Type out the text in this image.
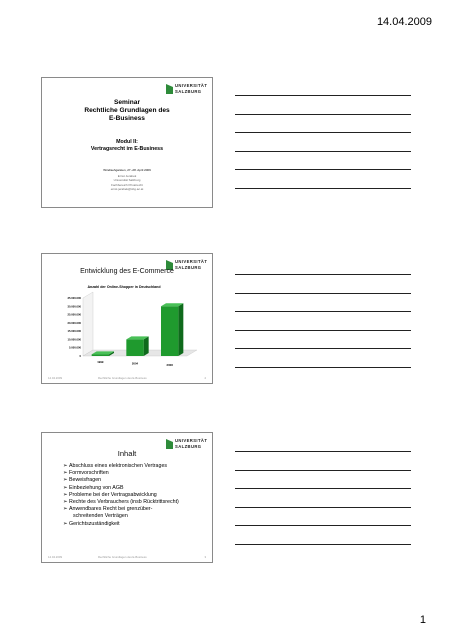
14.04.2009
UNIVERSITÄT
SALZBURG
Seminar
Rechtliche Grundlagen des
E-Business
Modul II:
Vertragsrecht im E-Business
Windisehgarsten, 27.-28. April 2009
Ernst Jerabek
Universität Salzburg
Fachbereich Privatrecht
ernst.jerabek@sbg.ac.at
UNIVERSITÄT
SALZBURG
Entwicklung des E-Commerce
Anzahl der Online-Shopper in Deutschland
0
5.000.000
10.000.000
15.000.000
20.000.000
25.000.000
30.000.000
35.000.000
1999	2004	2008
14.04.2009	Rechtliche Grundlagen des E-Business	2
UNIVERSITÄT
SALZBURG
Inhalt
➢ Abschluss eines elektronischen Vertrages
➢ Formvorschriften
➢ Beweisfragen
➢ Einbeziehung von AGB
➢ Probleme bei der Vertragsabwicklung
➢ Rechte des Verbrauchers (insb Rücktrittsrecht)
➢ Anwendbares Recht bei grenzüber-
schreitenden Verträgen
➢ Gerichtszuständigkeit
14.04.2009	Rechtliche Grundlagen des E-Business	3
1
